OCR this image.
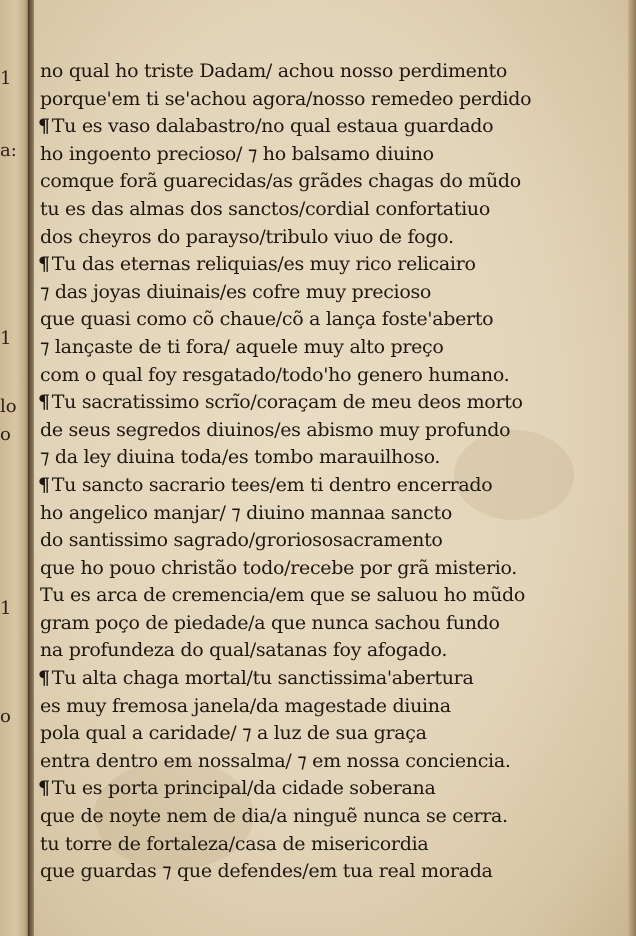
1
a:
1
lo
o
1
o
no qual ho triste Dadam/ achou nosso perdimento
porque'em ti se'achou agora/nosso remedeo perdido
¶ Tu es vaso dalabastro/no qual estaua guardado
ho ingoento precioso/ ⁊ ho balsamo diuino
comque forã guarecidas/as grãdes chagas do mũdo
tu es das almas dos sanctos/cordial confortatiuo
dos cheyros do parayso/tribulo viuo de fogo.
¶ Tu das eternas reliquias/es muy rico relicairo
⁊ das joyas diuinais/es cofre muy precioso
que quasi como cõ chaue/cõ a lança foste'aberto
⁊ lançaste de ti fora/ aquele muy alto preço
com o qual foy resgatado/todo'ho genero humano.
¶ Tu sacratissimo scrĩo/coraçam de meu deos morto
de seus segredos diuinos/es abismo muy profundo
⁊ da ley diuina toda/es tombo marauilhoso.
¶ Tu sancto sacrario tees/em ti dentro encerrado
ho angelico manjar/ ⁊ diuino mannaa sancto
do santissimo sagrado/groriososacramento
que ho pouo christão todo/recebe por grã misterio.
Tu es arca de cremencia/em que se saluou ho mũdo
gram poço de piedade/a que nunca sachou fundo
na profundeza do qual/satanas foy afogado.
¶ Tu alta chaga mortal/tu sanctissima'abertura
es muy fremosa janela/da magestade diuina
pola qual a caridade/ ⁊ a luz de sua graça
entra dentro em nossalma/ ⁊ em nossa conciencia.
¶ Tu es porta principal/da cidade soberana
que de noyte nem de dia/a ninguẽ nunca se cerra.
tu torre de fortaleza/casa de misericordia
que guardas ⁊ que defendes/em tua real morada
